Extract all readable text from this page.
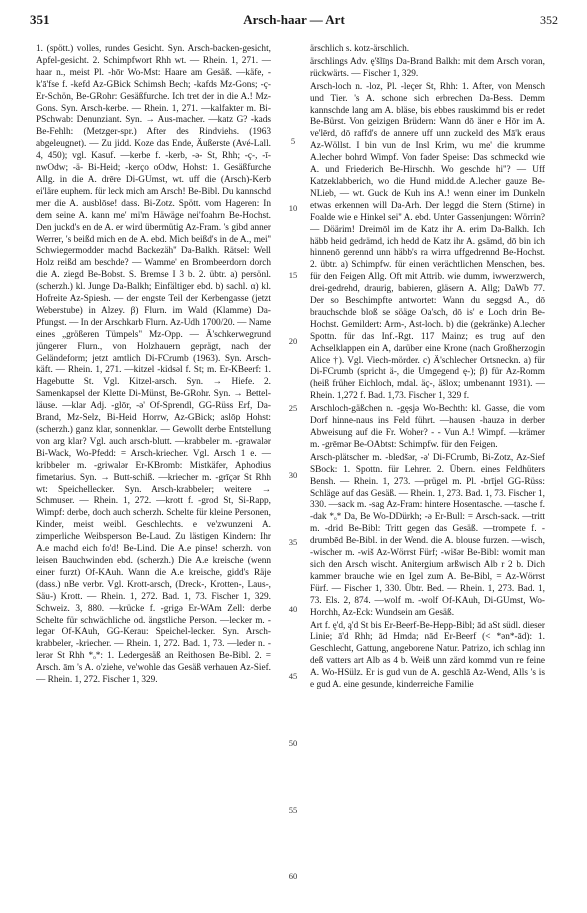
351	Arsch-haar — Art	352

1. (spött.) volles, rundes Gesicht. Syn. Arsch-backen-gesicht, Apfel-gesicht. 2. Schimpfwort Rhh wt. — Rhein. 1, 271. —haar n., meist Pl. -hōr Wo-Mst: Haare am Gesäß. —käfe, -k'ā'fse f. -kefd Az-GBick Schimsh Bech; -kafds Mz-Gons; -ç-Er-Schön, Be-GRohr: Gesäßfurche. Ich tret der in die A.! Mz-Gons. Syn. Arsch-kerbe. — Rhein. 1, 271. —kalfakter m. Bi-PSchwab: Denunziant. Syn. → Aus-macher. —katz G? -kads Be-Fehlh: (Metzger-spr.) After des Rindviehs. (1963 abgeleugnet). — Zu jidd. Koze das Ende, Äußerste (Avé-Lall. 4, 450); vgl. Kasuf. —kerbe f. -kerb, -ə- St, Rhh; -ç-, -ī-nwOdw; -ä- Bi-Heid; -kerço oOdw, Hohst: 1. Gesäßfurche Allg. in die A. drēre Di-GUmst, wt. uff die (Arsch)-Kerb ei'läre euphem. für leck mich am Arsch! Be-Bibl. Du kannschd mer die A. ausblōse! dass. Bi-Zotz. Spött. vom Hageren: In dem seine A. kann me' mi'm Häwäge nei'foahrn Be-Hochst. Den juckd's en de A. er wird übermütig Az-Fram. 's gibd anner Werrer, 's beißd mich en de A. ebd. Mich beißd's in de A., mei'' Schwiegermodder machd Backezäh'' Da-Balkh. Rätsel: Well Holz reißd am beschde? — Wamme' en Brombeerdorn dorch die A. ziegd Be-Bobst. S. Bremse I 3 b. 2. übtr. a) persönl. (scherzh.) kl. Junge Da-Balkh; Einfältiger ebd. b) sachl. α) kl. Hofreite Az-Spiesh. — der engste Teil der Kerbengasse (jetzt Weberstube) in Alzey. β) Flurn. im Wald (Klamme) Da-Pfungst. — In der Arschkarb Flurn. Az-Udh 1700/20. — Name eines „größeren Tümpels" Mz-Opp. — Ä'schkerwegrund jüngerer Flurn., von Holzhauern geprägt, nach der Geländeform; jetzt amtlich Di-FCrumb (1963). Syn. Arsch-käft. — Rhein. 1, 271. —kitzel -kidsəl f. St; m. Er-KBeerf: 1. Hagebutte St. Vgl. Kitzel-arsch. Syn. → Hiefe. 2. Samenkapsel der Klette Di-Münst, Be-GRohr. Syn. → Bettel-läuse. —klar Adj. -glōr, -ə' Of-Sprendl, GG-Rüss Erf, Da-Brand, Mz-Selz, Bi-Heid Horrw, Az-GBick; aslōp Hohst: (scherzh.) ganz klar, sonnenklar. — Gewollt derbe Entstellung von arg klar? Vgl. auch arsch-blutt. —krabbeler m. -grawalər Bi-Wack, Wo-Pfedd: = Arsch-kriecher. Vgl. Arsch 1 e. —kribbeler m. -griwalər Er-KBromb: Mistkäfer, Aphodius fimetarius. Syn. → Butt-schiß. —kriecher m. -grīçər St Rhh wt: Speichellecker. Syn. Arsch-krabbeler; weitere → Schmuser. — Rhein. 1, 272. —krott f. -grod St, Si-Rapp, Wimpf: derbe, doch auch scherzh. Schelte für kleine Personen, Kinder, meist weibl. Geschlechts. e ve'zwunzeni A. zimperliche Weibsperson Be-Laud. Zu lästigen Kindern: Ihr A.e machd eich fo'd! Be-Lind. Die A.e pinse! scherzh. von leisen Bauchwinden ebd. (scherzh.) Die A.e kreische (wenn einer furzt) Of-KAuh. Wann die A.e kreische, gidd's Räje (dass.) nBe verbr. Vgl. Krott-arsch, (Dreck-, Krotten-, Laus-, Säu-) Krott. — Rhein. 1, 272. Bad. 1, 73. Fischer 1, 329. Schweiz. 3, 880. —krücke f. -grigə Er-WAm Zell: derbe Schelte für schwächliche od. ängstliche Person. —lecker m. -legər Of-KAuh, GG-Kerau: Speichel-lecker. Syn. Arsch-krabbeler, -kriecher. — Rhein. 1, 272. Bad. 1, 73. —leder n. -lerər St Rhh *ₒ*: 1. Ledergesäß an Reithosen Be-Bibl. 2. = Arsch. ām 's A. o'ziehe, ve'wohle das Gesäß verhauen Az-Sief. — Rhein. 1, 272. Fischer 1, 329.

5
10
15
20
25
30
35
40
45
50
55
60

ärschlich s. kotz-ärschlich.

ärschlings Adv. ę'šlīŋs Da-Brand Balkh: mit dem Arsch voran, rückwärts. — Fischer 1, 329.

Arsch-loch n. -loz, Pl. -leçer St, Rhh: 1. After, von Mensch und Tier. 's A. schone sich erbrechen Da-Bess. Demm kannschde lang am A. bläse, bis ebbes rauskimmd bis er redet Be-Bürst. Von geizigen Brüdern: Wann dō äner e Hōr im A. ve'lērd, dō raffd's de annere uff unn zuckeld des Mā'k eraus Az-Wöllst. I bin vun de Insl Krim, wu me' die krumme A.lecher bohrd Wimpf. Von fader Speise: Das schmeckd wie A. und Friederich Be-Hirschh. Wo geschde hi''? — Uff Katzeklabberich, wo die Hund midd.de A.lecher gauze Be-NLieb, — wt. Guck de Kuh ins A.! wenn einer im Dunkeln etwas erkennen will Da-Arh. Der leggd die Stern (Stirne) in Foalde wie e Hinkel sei'' A. ebd. Unter Gassenjungen: Wörrin? — Döärim! Dreimōl im de Katz ihr A. erim Da-Balkh. Ich häbb heid gedrämd, ich hedd de Katz ihr A. gsämd, dō bin ich hinnenō gerennd unn häbb's ra wirra uffgedrennd Be-Hochst. 2. übtr. a) Schimpfw. für einen verächtlichen Menschen, bes. für den Feigen Allg. Oft mit Attrib. wie dumm, iwwerzwerch, drei-gedrehd, draurig, babieren, gläsern A. Allg; DaWb 77. Der so Beschimpfte antwortet: Wann du seggsd A., dō brauchschde bloß se söäge Oa'sch, dō is' e Loch drin Be-Hochst. Gemildert: Arm-, Ast-loch. b) die (gekränke) A.lecher Spottn. für das Inf.-Rgt. 117 Mainz; es trug auf den Achselklappen ein A, darüber eine Krone (nach Großherzogin Alice †). Vgl. Viech-mörder. c) Ä'schlecher Ortsneckn. a) für Di-FCrumb (spricht ä-, die Umgegend ę-); β) für Az-Romm (heiß früher Eichloch, mdal. äç-, äšlox; umbenannt 1931). — Rhein. 1,272 f. Bad. 1,73. Fischer 1, 329 f.

Arschloch-gäßchen n. -gęsjə Wo-Bechth: kl. Gasse, die vom Dorf hinne-naus ins Feld führt. —hausen -hauzə in derber Abweisung auf die Fr. Woher? - - Vun A.! Wimpf. —krämer m. -grēmər Be-OAbtst: Schimpfw. für den Feigen.

Arsch-plätscher m. -bledšər, -ə' Di-FCrumb, Bi-Zotz, Az-Sief SBock: 1. Spottn. für Lehrer. 2. Übern. eines Feldhüters Bensh. — Rhein. 1, 273. —prügel m. Pl. -brīįel GG-Rüss: Schläge auf das Gesäß. — Rhein. 1, 273. Bad. 1, 73. Fischer 1, 330. —sack m. -sag Az-Fram: hintere Hosentasche. —tasche f. -dak *ₒ* Da, Be Wo-DDürkh; -ə Er-Bull: = Arsch-sack. —tritt m. -drid Be-Bibl: Tritt gegen das Gesäß. —trompete f. -drumbēd Be-Bibl. in der Wend. die A. blouse furzen. —wisch, -wischer m. -wiš Az-Wörrst Fürf; -wišər Be-Bibl: womit man sich den Arsch wischt. Anitergium arßwisch Alb r 2 b. Dich kammer brauche wie en Igel zum A. Be-Bibl, = Az-Wörrst Fürf. — Fischer 1, 330. Übtr. Bed. — Rhein. 1, 273. Bad. 1, 73. Els. 2, 874. —wolf m. -wolf Of-KAuh, Di-GUmst, Wo-Horchh, Az-Eck: Wundsein am Gesäß.

Art f. ę'd, ą'd St bis Er-Beerf-Be-Hepp-Bibl; ād aSt südl. dieser Linie; ā'd Rhh; ād Hmda; nād Er-Beerf (< *ən*-ād): 1. Geschlecht, Gattung, angeborene Natur. Patrizo, ich schlag inn deß vatters art Alb as 4 b. Weiß unn zärd kommd vun re feine A. Wo-HSülz. Er is gud vun de A. geschlā Az-Wend, Alls 's is e gud A. eine gesunde, kinderreiche Familie
